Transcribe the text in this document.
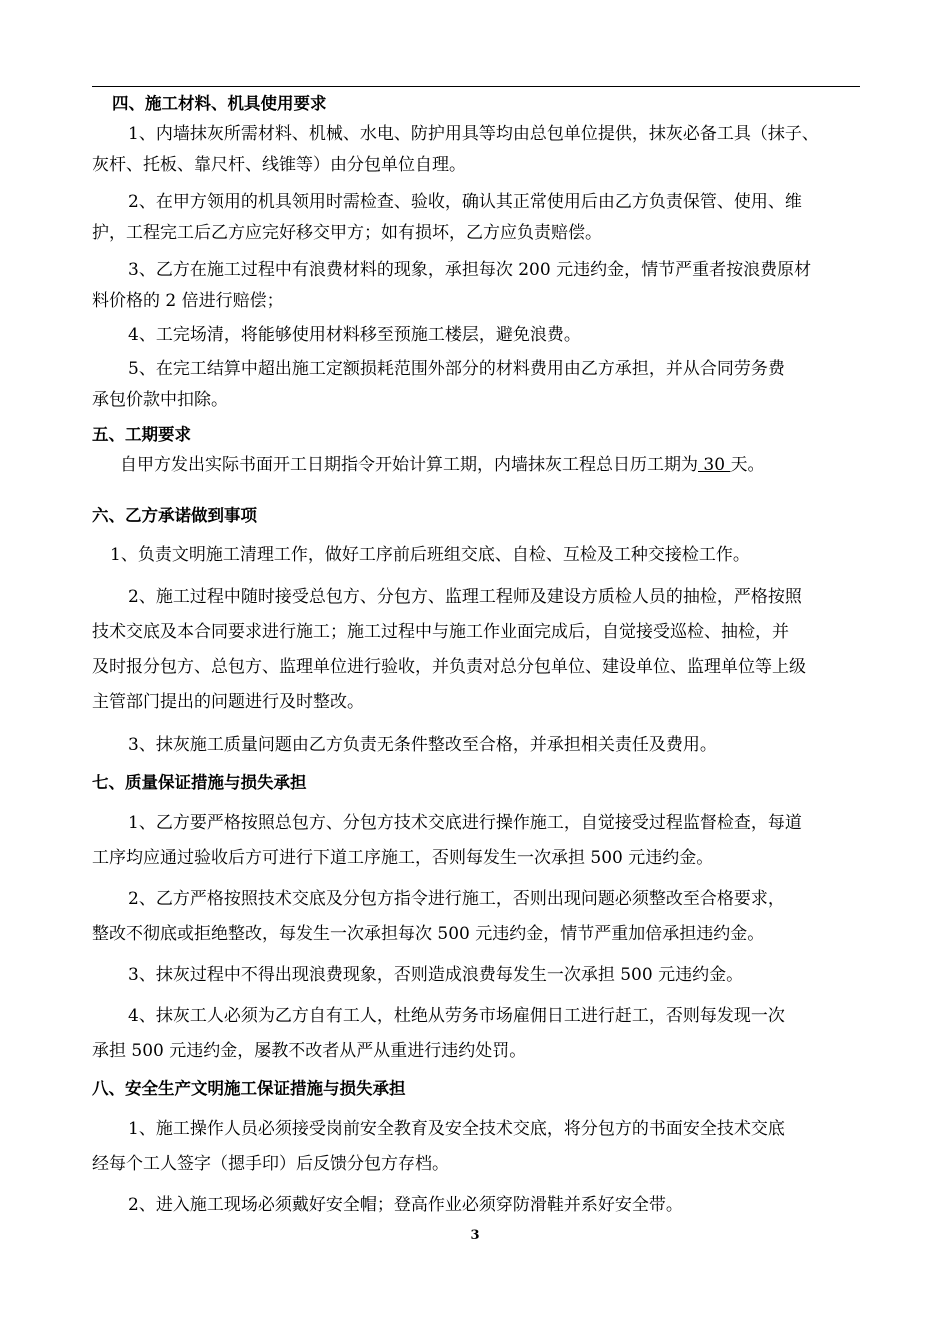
四、施工材料、机具使用要求
1、内墙抹灰所需材料、机械、水电、防护用具等均由总包单位提供，抹灰必备工具（抹子、
灰杆、托板、靠尺杆、线锥等）由分包单位自理。
2、在甲方领用的机具领用时需检查、验收，确认其正常使用后由乙方负责保管、使用、维
护，工程完工后乙方应完好移交甲方；如有损坏，乙方应负责赔偿。
3、乙方在施工过程中有浪费材料的现象，承担每次 200 元违约金，情节严重者按浪费原材
料价格的 2 倍进行赔偿；
4、工完场清，将能够使用材料移至预施工楼层，避免浪费。
5、在完工结算中超出施工定额损耗范围外部分的材料费用由乙方承担，并从合同劳务费
承包价款中扣除。
五、工期要求
自甲方发出实际书面开工日期指令开始计算工期，内墙抹灰工程总日历工期为 30 天。
六、乙方承诺做到事项
1、负责文明施工清理工作，做好工序前后班组交底、自检、互检及工种交接检工作。
2、施工过程中随时接受总包方、分包方、监理工程师及建设方质检人员的抽检，严格按照
技术交底及本合同要求进行施工；施工过程中与施工作业面完成后，自觉接受巡检、抽检，并
及时报分包方、总包方、监理单位进行验收，并负责对总分包单位、建设单位、监理单位等上级
主管部门提出的问题进行及时整改。
3、抹灰施工质量问题由乙方负责无条件整改至合格，并承担相关责任及费用。
七、质量保证措施与损失承担
1、乙方要严格按照总包方、分包方技术交底进行操作施工，自觉接受过程监督检查，每道
工序均应通过验收后方可进行下道工序施工，否则每发生一次承担 500 元违约金。
2、乙方严格按照技术交底及分包方指令进行施工，否则出现问题必须整改至合格要求，
整改不彻底或拒绝整改，每发生一次承担每次 500 元违约金，情节严重加倍承担违约金。
3、抹灰过程中不得出现浪费现象，否则造成浪费每发生一次承担 500 元违约金。
4、抹灰工人必须为乙方自有工人，杜绝从劳务市场雇佣日工进行赶工，否则每发现一次
承担 500 元违约金，屡教不改者从严从重进行违约处罚。
八、安全生产文明施工保证措施与损失承担
1、施工操作人员必须接受岗前安全教育及安全技术交底，将分包方的书面安全技术交底
经每个工人签字（摁手印）后反馈分包方存档。
2、进入施工现场必须戴好安全帽；登高作业必须穿防滑鞋并系好安全带。
3
